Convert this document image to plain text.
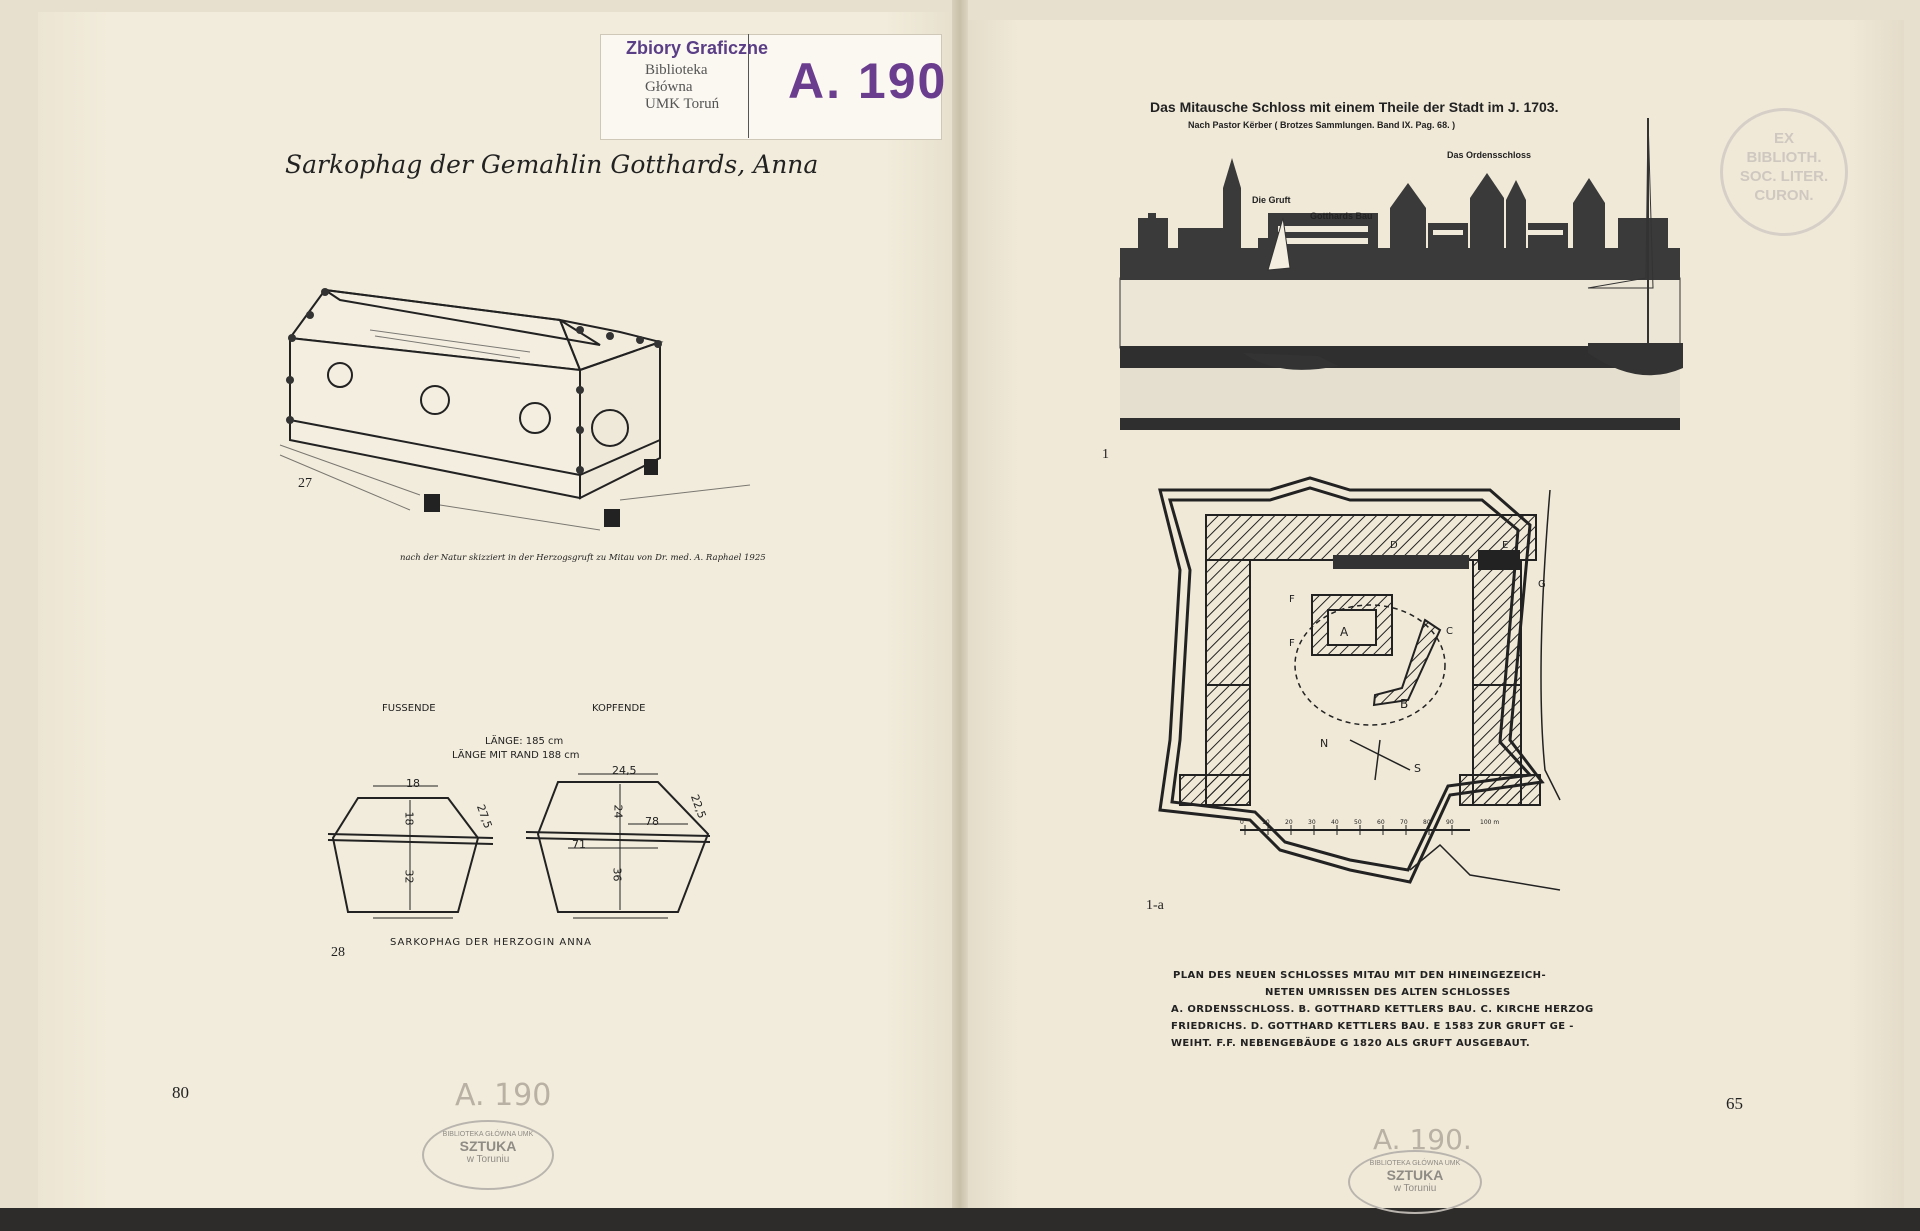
Zbiory Graficzne
Biblioteka
Główna
UMK Toruń A. 190
Sarkophag der Gemahlin Gotthards, Anna
27
nach der Natur skizziert in der Herzogsgruft zu Mitau von Dr. med. A. Raphael 1925
FUSSENDE	KOPFENDE
LÄNGE: 185 cm
LÄNGE MIT RAND 188 cm
18
18
32
27,5
24,5
24
78
71
36
22,5
28
SARKOPHAG DER HERZOGIN ANNA
80	A. 190
BIBLIOTEKA GŁÓWNA UMK
SZTUKA
w Toruniu
Das Mitausche Schloss mit einem Theile der Stadt im J. 1703.
Nach Pastor Kërber ( Brotzes Sammlungen. Band IX. Pag. 68. )
Das Ordensschloss
Die Gruft
Gotthards Bau
1
A
B
C
D	E
F
F
G
N
S
0	10	20	30	40	50	60	70	80	90	100 m
1-a
PLAN DES NEUEN SCHLOSSES MITAU MIT DEN HINEINGEZEICH-
NETEN UMRISSEN DES ALTEN SCHLOSSES
A. ORDENSSCHLOSS. B. GOTTHARD KETTLERS BAU. C. KIRCHE HERZOG
FRIEDRICHS. D. GOTTHARD KETTLERS BAU. E 1583 ZUR GRUFT GE -
WEIHT. F.F. NEBENGEBÄUDE G 1820 ALS GRUFT AUSGEBAUT.
65
EX
BIBLIOTH.
SOC. LITER.
CURON.
A. 190.
BIBLIOTEKA GŁÓWNA UMK
SZTUKA
w Toruniu
